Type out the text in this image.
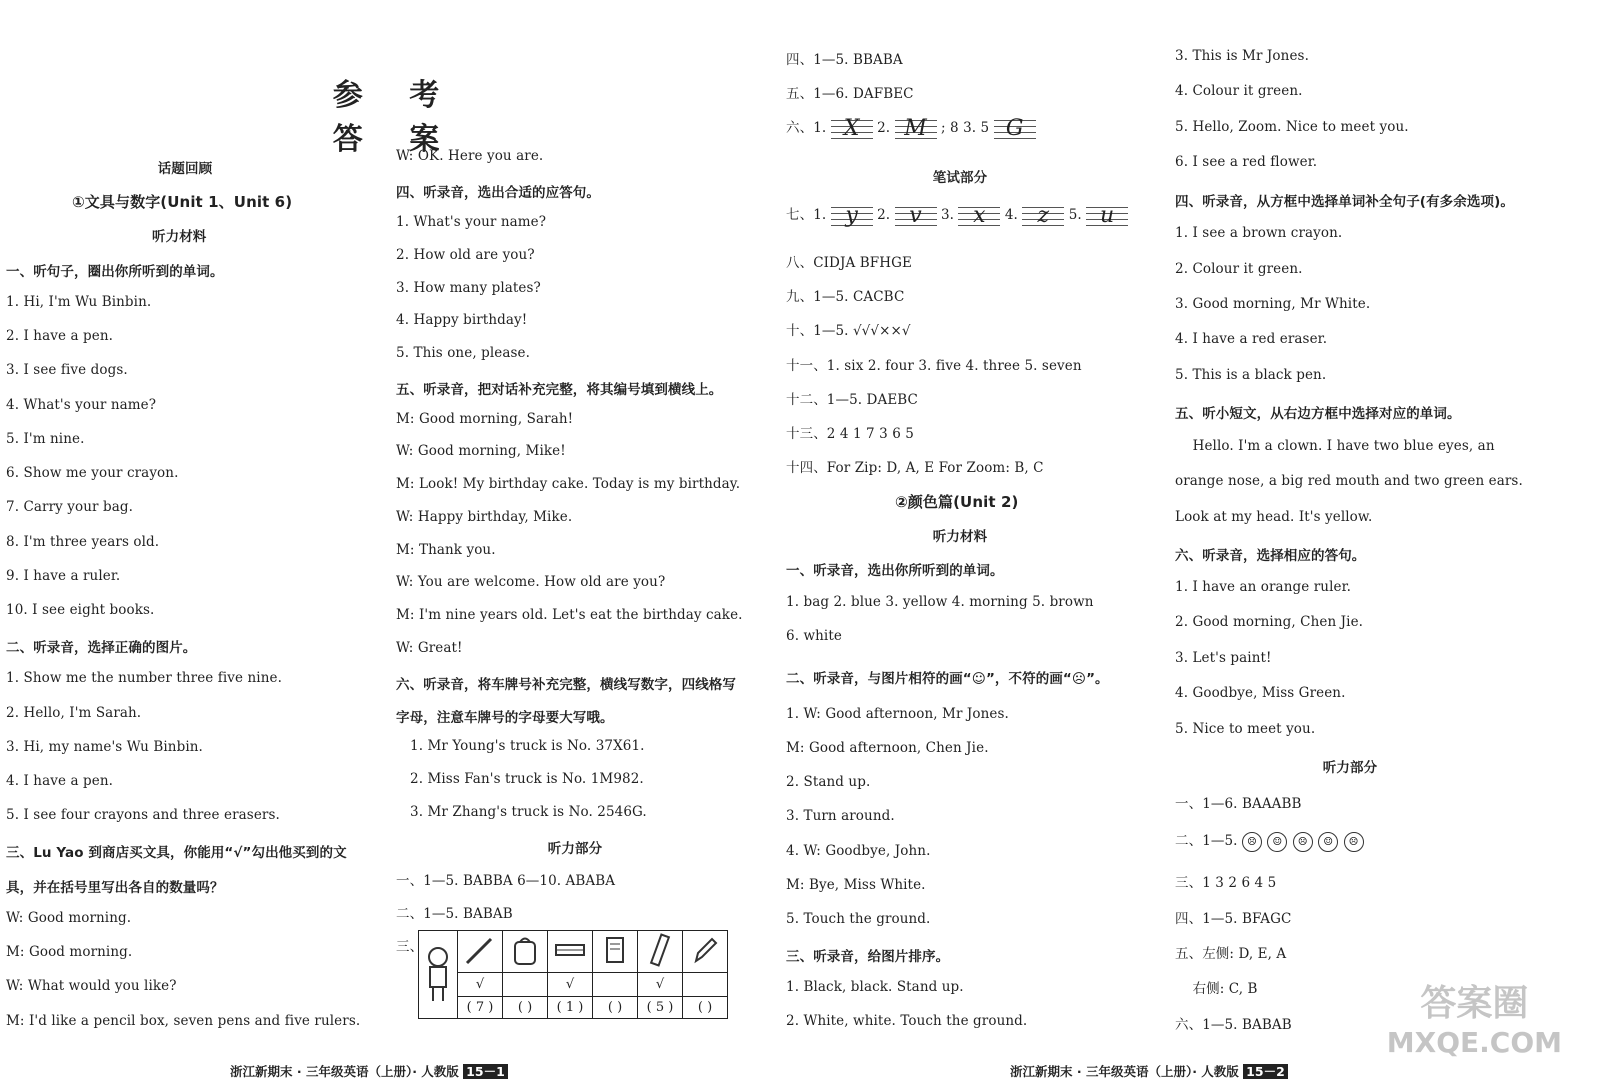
参 考 答 案
话题回顾
①文具与数字(Unit 1、Unit 6)
听力材料
一、听句子，圈出你所听到的单词。
1. Hi, I'm Wu Binbin.
2. I have a pen.
3. I see five dogs.
4. What's your name?
5. I'm nine.
6. Show me your crayon.
7. Carry your bag.
8. I'm three years old.
9. I have a ruler.
10. I see eight books.
二、听录音，选择正确的图片。
1. Show me the number three five nine.
2. Hello, I'm Sarah.
3. Hi, my name's Wu Binbin.
4. I have a pen.
5. I see four crayons and three erasers.
三、Lu Yao 到商店买文具，你能用“√”勾出他买到的文
具，并在括号里写出各自的数量吗？
W: Good morning.
M: Good morning.
W: What would you like?
M: I'd like a pencil box, seven pens and five rulers.
W: OK. Here you are.
四、听录音，选出合适的应答句。
1. What's your name?
2. How old are you?
3. How many plates?
4. Happy birthday!
5. This one, please.
五、听录音，把对话补充完整，将其编号填到横线上。
M: Good morning, Sarah!
W: Good morning, Mike!
M: Look! My birthday cake. Today is my birthday.
W: Happy birthday, Mike.
M: Thank you.
W: You are welcome. How old are you?
M: I'm nine years old. Let's eat the birthday cake.
W: Great!
六、听录音，将车牌号补充完整，横线写数字，四线格写
字母，注意车牌号的字母要大写哦。
1. Mr Young's truck is No. 37X61.
2. Miss Fan's truck is No. 1M982.
3. Mr Zhang's truck is No. 2546G.
听力部分
一、1—5. BABBA 6—10. ABABA
二、1—5. BABAB
三、

	√		√		√	
	( 7 )	( )	( 1 )	( )	( 5 )	( )
浙江新期末 · 三年级英语（上册）· 人教版 15－1
四、1—5. BBABA
五、1—6. DAFBEC
六、1. X	2. M	; 8 3. 5 G
笔试部分
七、1. y	2. v	3. x	4. z	5. u
八、CIDJA BFHGE
九、1—5. CACBC
十、1—5. √√√××√
十一、1. six 2. four 3. five 4. three 5. seven
十二、1—5. DAEBC
十三、2 4 1 7 3 6 5
十四、For Zip: D, A, E For Zoom: B, C
②颜色篇(Unit 2)
听力材料
一、听录音，选出你所听到的单词。
1. bag 2. blue 3. yellow 4. morning 5. brown
6. white
二、听录音，与图片相符的画“☺”，不符的画“☹”。
1. W: Good afternoon, Mr Jones.
M: Good afternoon, Chen Jie.
2. Stand up.
3. Turn around.
4. W: Goodbye, John.
M: Bye, Miss White.
5. Touch the ground.
三、听录音，给图片排序。
1. Black, black. Stand up.
2. White, white. Touch the ground.
浙江新期末 · 三年级英语（上册）· 人教版 15－2
3. This is Mr Jones.
4. Colour it green.
5. Hello, Zoom. Nice to meet you.
6. I see a red flower.
四、听录音，从方框中选择单词补全句子(有多余选项)。
1. I see a brown crayon.
2. Colour it green.
3. Good morning, Mr White.
4. I have a red eraser.
5. This is a black pen.
五、听小短文，从右边方框中选择对应的单词。
Hello. I'm a clown. I have two blue eyes, an
orange nose, a big red mouth and two green ears.
Look at my head. It's yellow.
六、听录音，选择相应的答句。
1. I have an orange ruler.
2. Good morning, Chen Jie.
3. Let's paint!
4. Goodbye, Miss Green.
5. Nice to meet you.
听力部分
一、1—6. BAAABB
二、1—5. ☹ ☺ ☹ ☺ ☹
三、1 3 2 6 4 5
四、1—5. BFAGC
五、左侧: D, E, A
右侧: C, B
六、1—5. BABAB
答案圈
MXQE.COM
